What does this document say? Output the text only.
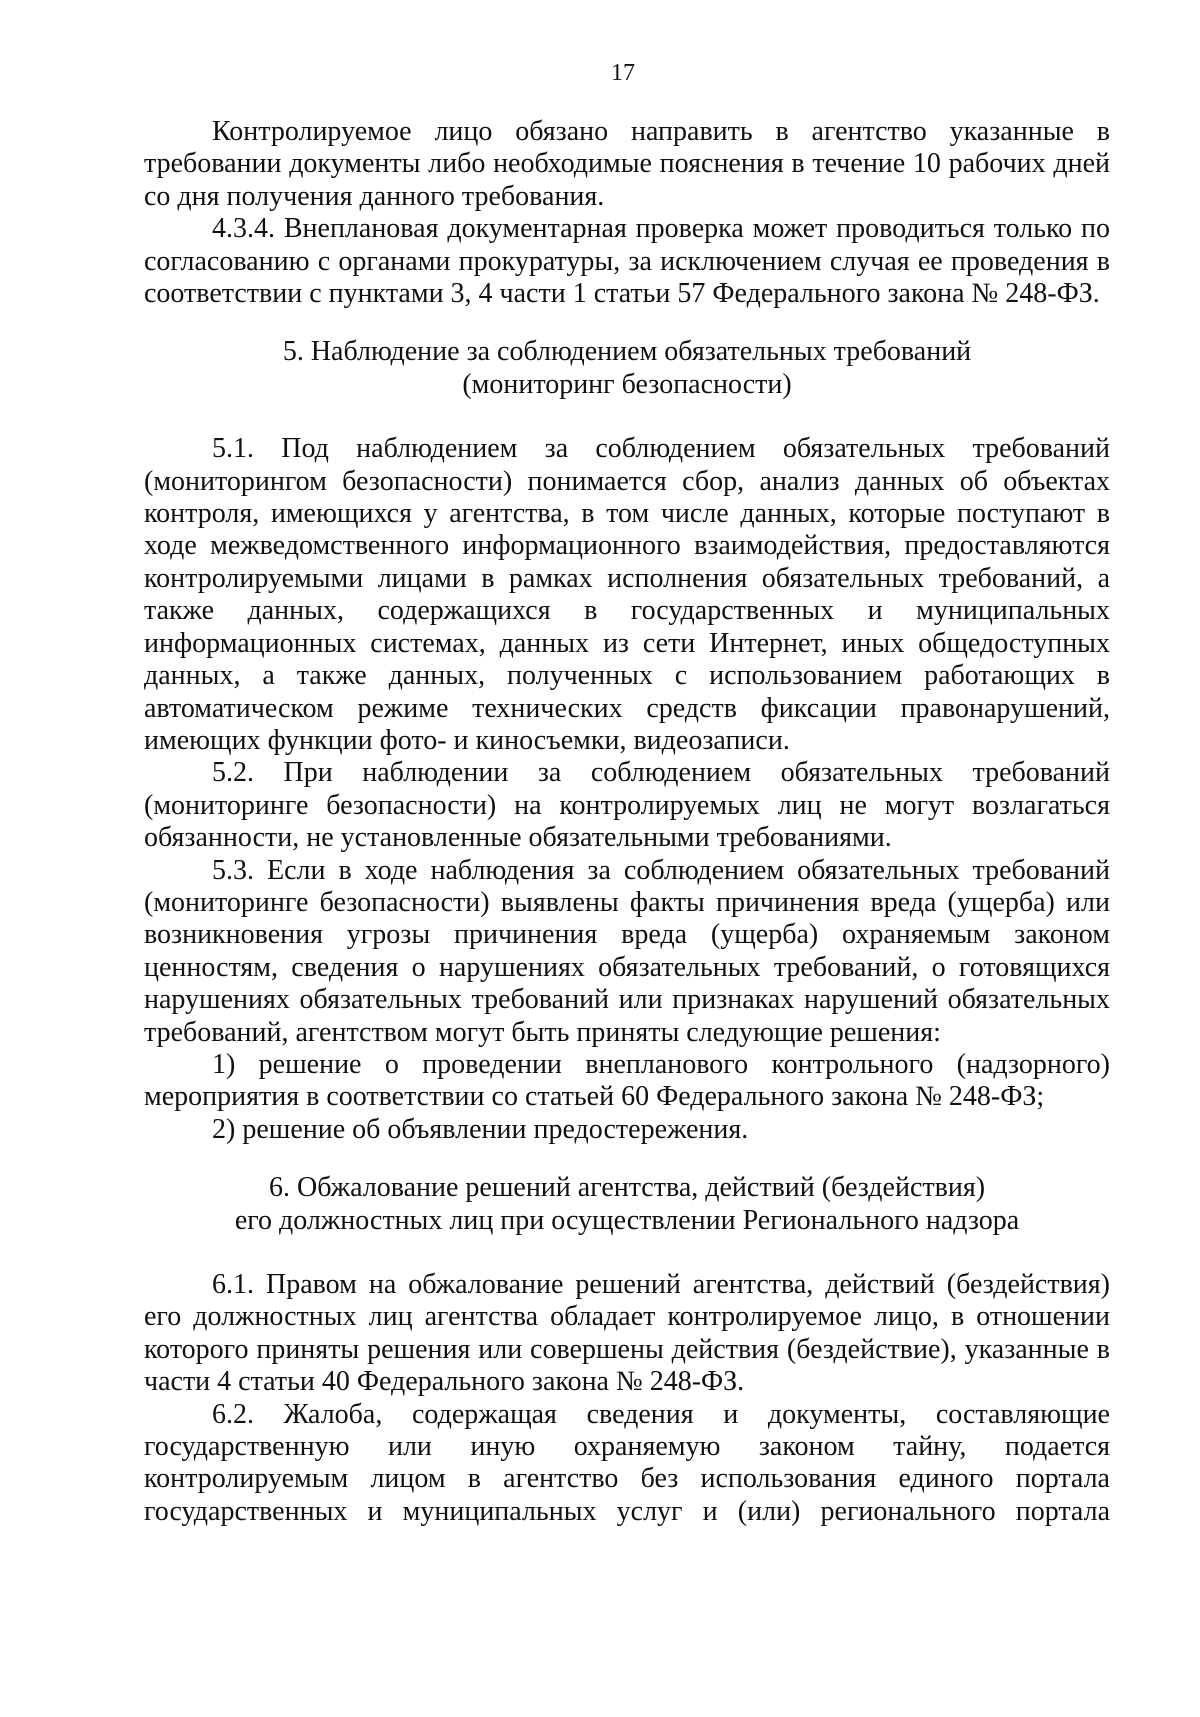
17

Контролируемое лицо обязано направить в агентство указанные в требовании документы либо необходимые пояснения в течение 10 рабочих дней со дня получения данного требования.

4.3.4. Внеплановая документарная проверка может проводиться только по согласованию с органами прокуратуры, за исключением случая ее проведения в соответствии с пунктами 3, 4 части 1 статьи 57 Федерального закона № 248-ФЗ.

5. Наблюдение за соблюдением обязательных требований

(мониторинг безопасности)

5.1. Под наблюдением за соблюдением обязательных требований (мониторингом безопасности) понимается сбор, анализ данных об объектах контроля, имеющихся у агентства, в том числе данных, которые поступают в ходе межведомственного информационного взаимодействия, предоставляются контролируемыми лицами в рамках исполнения обязательных требований, а также данных, содержащихся в государственных и муниципальных информационных системах, данных из сети Интернет, иных общедоступных данных, а также данных, полученных с использованием работающих в автоматическом режиме технических средств фиксации правонарушений, имеющих функции фото- и киносъемки, видеозаписи.

5.2. При наблюдении за соблюдением обязательных требований (мониторинге безопасности) на контролируемых лиц не могут возлагаться обязанности, не установленные обязательными требованиями.

5.3. Если в ходе наблюдения за соблюдением обязательных требований (мониторинге безопасности) выявлены факты причинения вреда (ущерба) или возникновения угрозы причинения вреда (ущерба) охраняемым законом ценностям, сведения о нарушениях обязательных требований, о готовящихся нарушениях обязательных требований или признаках нарушений обязательных требований, агентством могут быть приняты следующие решения:

1) решение о проведении внепланового контрольного (надзорного) мероприятия в соответствии со статьей 60 Федерального закона № 248-ФЗ;

2) решение об объявлении предостережения.

6. Обжалование решений агентства, действий (бездействия)

его должностных лиц при осуществлении Регионального надзора

6.1. Правом на обжалование решений агентства, действий (бездействия) его должностных лиц агентства обладает контролируемое лицо, в отношении которого приняты решения или совершены действия (бездействие), указанные в части 4 статьи 40 Федерального закона № 248-ФЗ.

6.2. Жалоба, содержащая сведения и документы, составляющие государственную или иную охраняемую законом тайну, подается контролируемым лицом в агентство без использования единого портала государственных и муниципальных услуг и (или) регионального портала
